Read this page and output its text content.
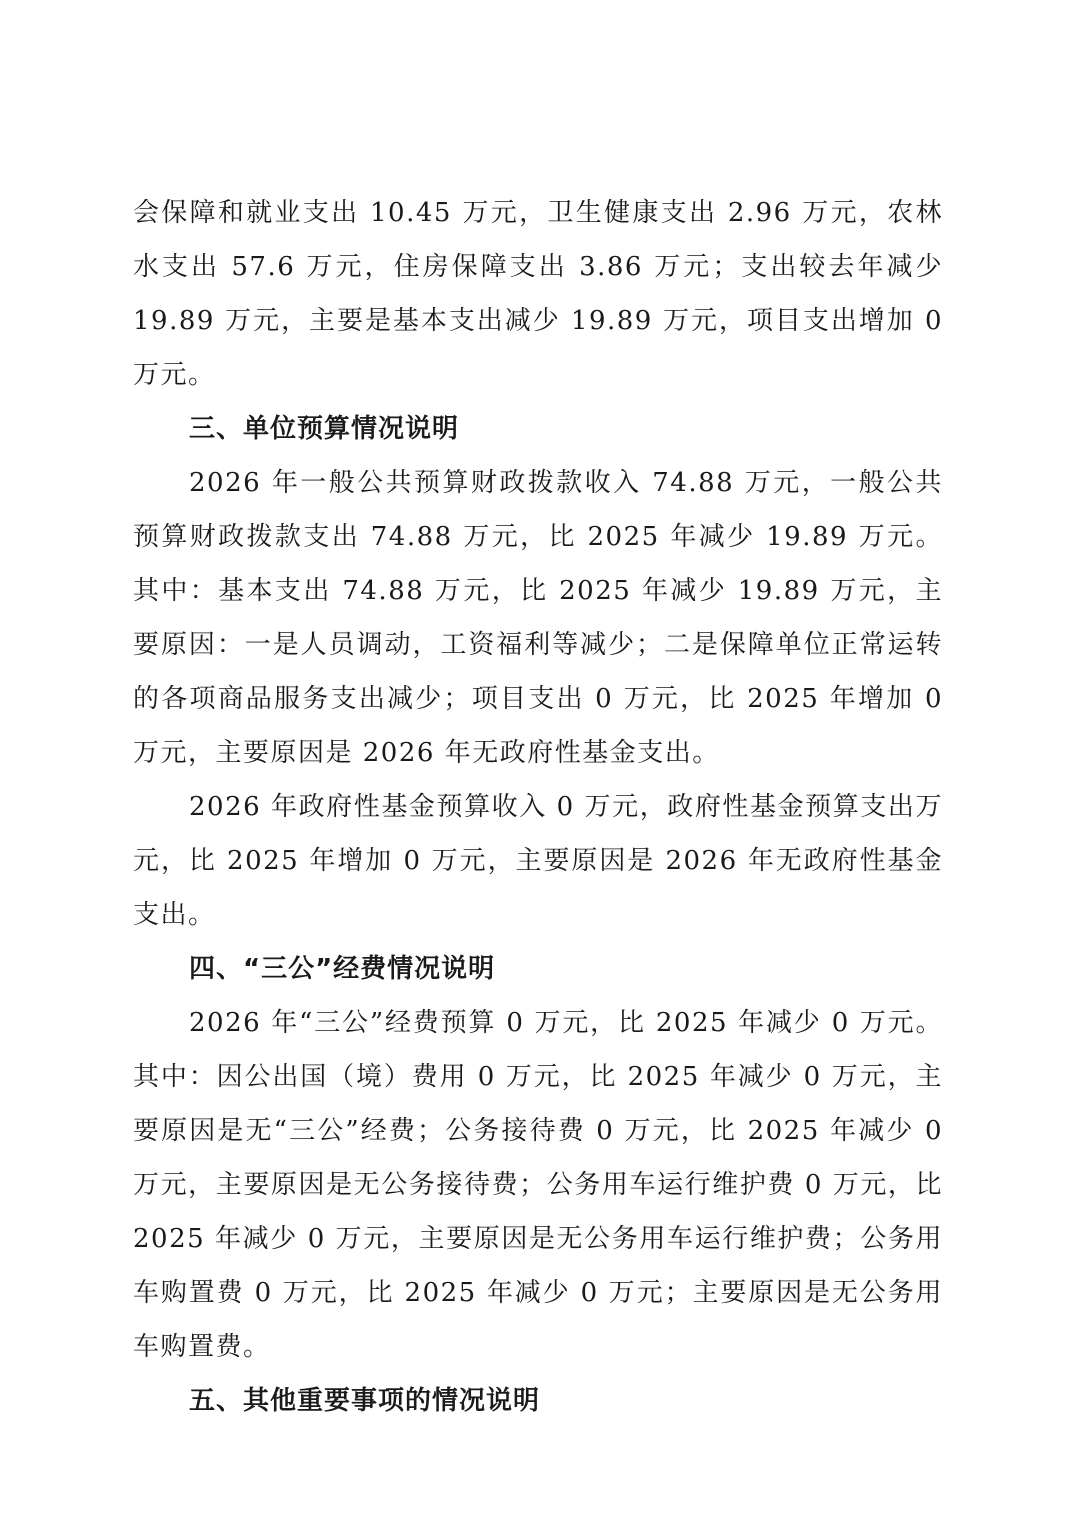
会保障和就业支出 10.45 万元，卫生健康支出 2.96 万元，农林水支出 57.6 万元，住房保障支出 3.86 万元；支出较去年减少 19.89 万元，主要是基本支出减少 19.89 万元，项目支出增加 0 万元。

三、单位预算情况说明

2026 年一般公共预算财政拨款收入 74.88 万元，一般公共预算财政拨款支出 74.88 万元，比 2025 年减少 19.89 万元。其中：基本支出 74.88 万元，比 2025 年减少 19.89 万元，主要原因：一是人员调动，工资福利等减少；二是保障单位正常运转的各项商品服务支出减少；项目支出 0 万元，比 2025 年增加 0 万元，主要原因是 2026 年无政府性基金支出。

2026 年政府性基金预算收入 0 万元，政府性基金预算支出万元，比 2025 年增加 0 万元，主要原因是 2026 年无政府性基金支出。

四、“三公”经费情况说明

2026 年“三公”经费预算 0 万元，比 2025 年减少 0 万元。其中：因公出国（境）费用 0 万元，比 2025 年减少 0 万元，主要原因是无“三公”经费；公务接待费 0 万元，比 2025 年减少 0 万元，主要原因是无公务接待费；公务用车运行维护费 0 万元，比 2025 年减少 0 万元，主要原因是无公务用车运行维护费；公务用车购置费 0 万元，比 2025 年减少 0 万元；主要原因是无公务用车购置费。

五、其他重要事项的情况说明
